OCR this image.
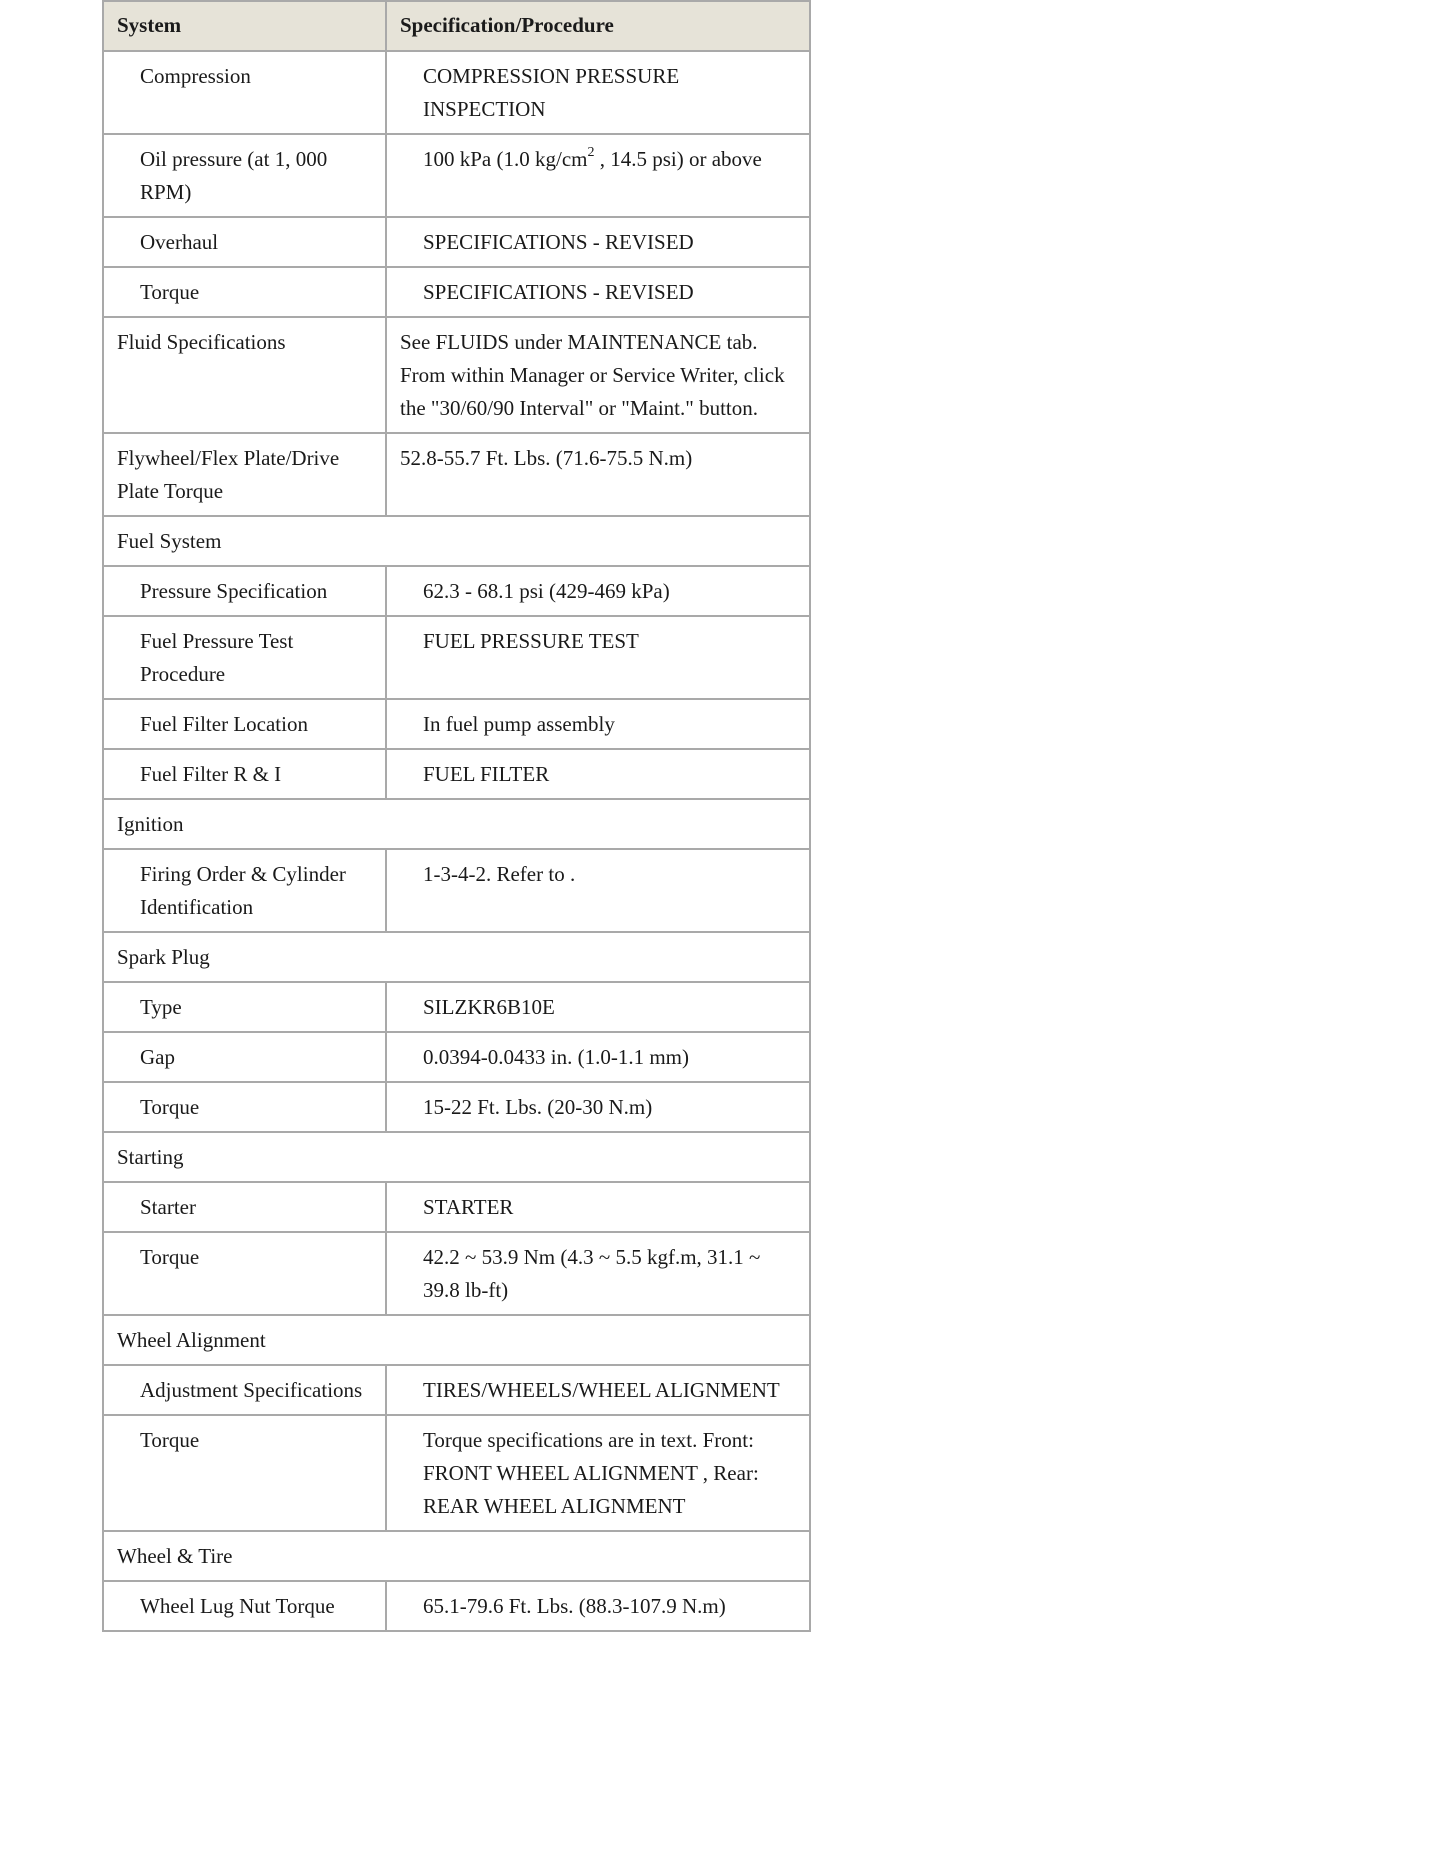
System	Specification/Procedure
Compression	COMPRESSION PRESSURE INSPECTION
Oil pressure (at 1, 000 RPM)	100 kPa (1.0 $kg/cm^2$ , 14.5 psi) or above
Overhaul	SPECIFICATIONS - REVISED
Torque	SPECIFICATIONS - REVISED
Fluid Specifications	See FLUIDS under MAINTENANCE tab. From within Manager or Service Writer, click the "30/60/90 Interval" or "Maint." button.
Flywheel/Flex Plate/Drive Plate Torque	52.8-55.7 Ft. Lbs. (71.6-75.5 N.m)
Fuel System	
Pressure Specification	62.3 - 68.1 psi (429-469 kPa)
Fuel Pressure Test Procedure	FUEL PRESSURE TEST
Fuel Filter Location	In fuel pump assembly
Fuel Filter R & I	FUEL FILTER
Ignition	
Firing Order & Cylinder Identification	1-3-4-2. Refer to .
Spark Plug	
Type	SILZKR6B10E
Gap	0.0394-0.0433 in. (1.0-1.1 mm)
Torque	15-22 Ft. Lbs. (20-30 N.m)
Starting	
Starter	STARTER
Torque	42.2 ~ 53.9 Nm (4.3 ~ 5.5 kgf.m, 31.1 ~ 39.8 lb-ft)
Wheel Alignment	
Adjustment Specifications	TIRES/WHEELS/WHEEL ALIGNMENT
Torque	Torque specifications are in text. Front: FRONT WHEEL ALIGNMENT , Rear: REAR WHEEL ALIGNMENT
Wheel & Tire	
Wheel Lug Nut Torque	65.1-79.6 Ft. Lbs. (88.3-107.9 N.m)
